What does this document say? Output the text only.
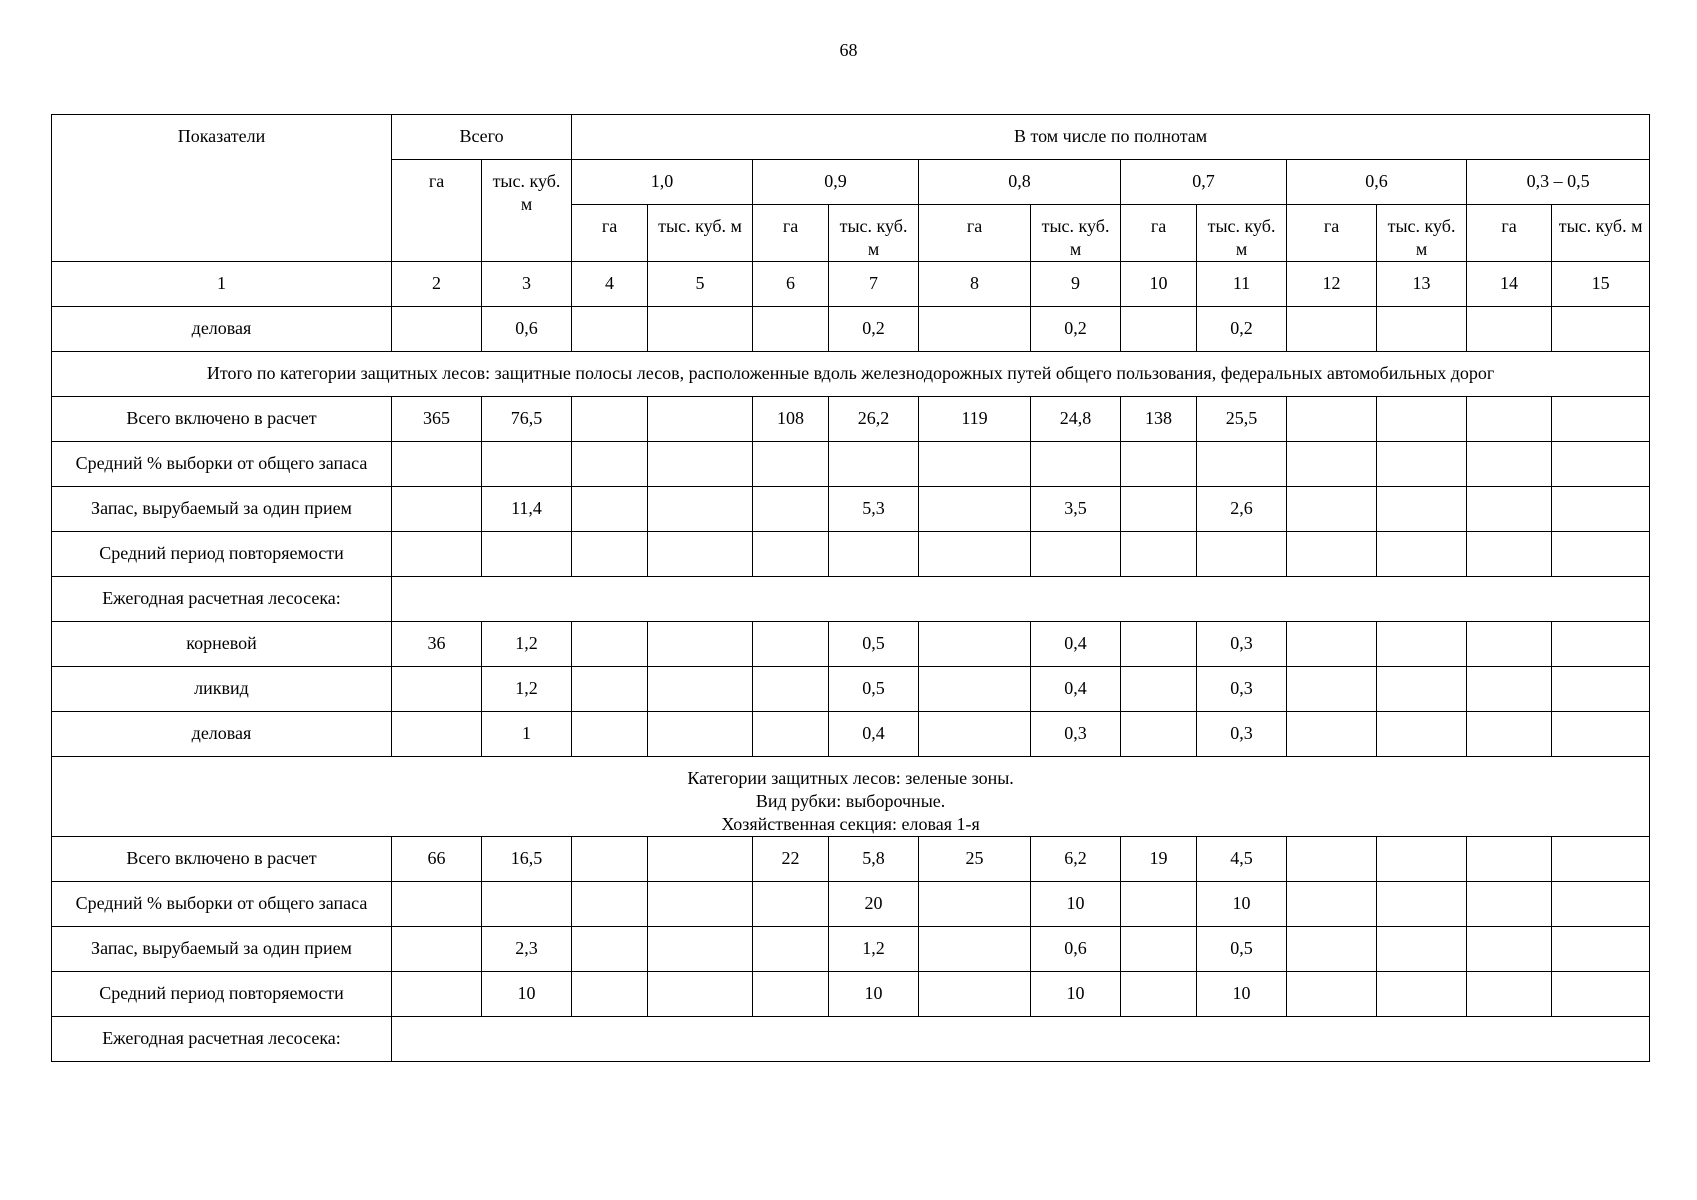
68
Показатели	Всего		В том числе по полнотам											
	га	тыс. куб. м	1,0		0,9		0,8		0,7		0,6		0,3 – 0,5	
			га	тыс. куб. м	га	тыс. куб. м	га	тыс. куб. м	га	тыс. куб. м	га	тыс. куб. м	га	тыс. куб. м
1	2	3	4	5	6	7	8	9	10	11	12	13	14	15
деловая		0,6				0,2		0,2		0,2				

Итого по категории защитных лесов: защитные полосы лесов, расположенные вдоль железнодорожных путей общего пользования, федеральных автомобильных дорог														

Всего включено в расчет	365	76,5			108	26,2	119	24,8	138	25,5				
Средний % выборки от общего запаса														
Запас, вырубаемый за один прием		11,4				5,3		3,5		2,6				
Средний период повторяемости														
Ежегодная расчетная лесосека:														
корневой	36	1,2				0,5		0,4		0,3				
ликвид		1,2				0,5		0,4		0,3				
деловая		1				0,4		0,3		0,3				

Категории защитных лесов: зеленые зоны.
Вид рубки: выборочные.
Хозяйственная секция: еловая 1-я														

Всего включено в расчет	66	16,5			22	5,8	25	6,2	19	4,5				
Средний % выборки от общего запаса						20		10		10				
Запас, вырубаемый за один прием		2,3				1,2		0,6		0,5				
Средний период повторяемости		10				10		10		10				
Ежегодная расчетная лесосека:														
